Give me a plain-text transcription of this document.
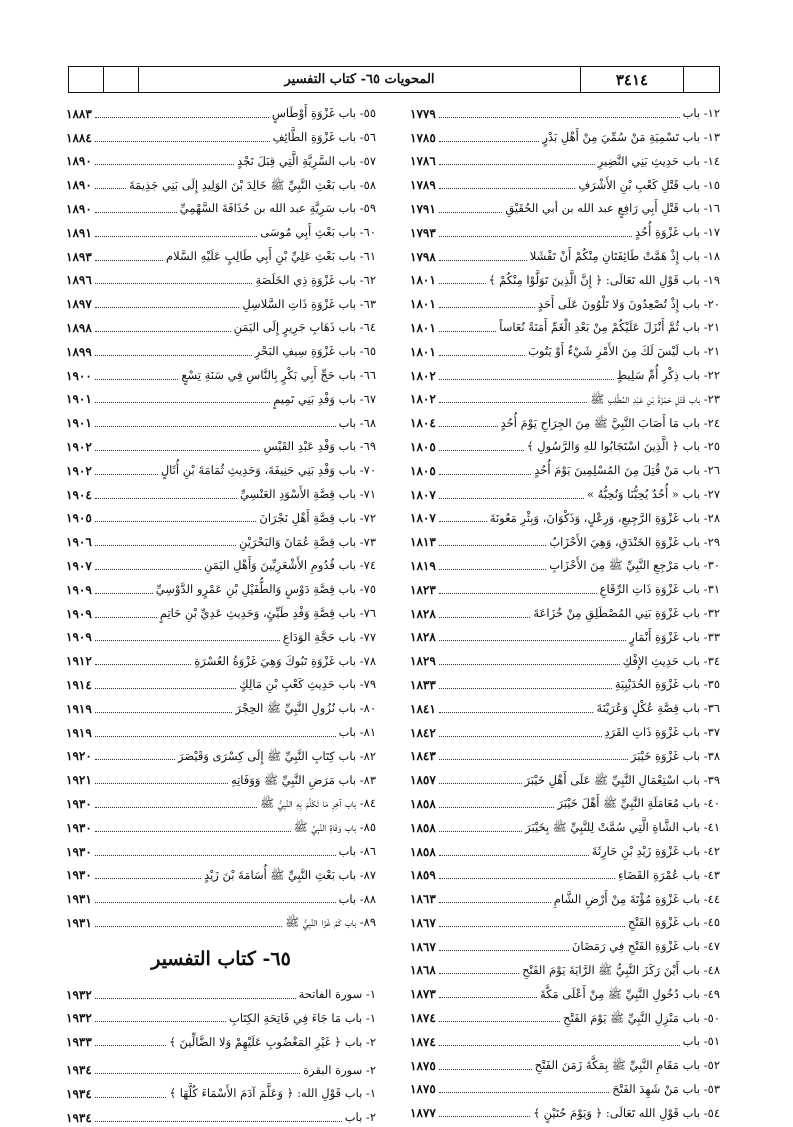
المحويات ٦٥- كتاب التفسير	٣٤١٤
١٢- باب
١٧٧٩
١٣- باب تَسْمِيَةِ مَنْ سُمِّيَ مِنْ أَهْلِ بَدْرٍ
١٧٨٥
١٤- باب حَدِيثِ بَنِي النَّضِيرِ
١٧٨٦
١٥- باب قَتْلِ كَعْبِ بْنِ الأَشْرَفِ
١٧٨٩
١٦- باب قَتْلِ أَبِي رَافِعٍ عبد الله بن أبي الحُقَيْقِ
١٧٩١
١٧- باب غَزْوَةِ أُحُدٍ
١٧٩٣
١٨- باب إِذْ هَمَّتْ طَائِفَتَانِ مِنْكُمْ أَنْ تَفْشَلا
١٧٩٨
١٩- باب قَوْلِ الله تَعَالَى: ﴿ إِنَّ الَّذِينَ تَوَلَّوْا مِنْكُمْ ﴾
١٨٠١
٢٠- باب إِذْ تُصْعِدُونَ وَلا تَلْوُونَ عَلَى أَحَدٍ
١٨٠١
٢١- باب ثُمَّ أَنْزَلَ عَلَيْكُمْ مِنْ بَعْدِ الْغَمِّ أَمَنَةً نُعَاساً
١٨٠١
٢١- باب لَيْسَ لَكَ مِنَ الأَمْرِ شَيْءٌ أَوْ يَتُوبَ
١٨٠١
٢٢- باب ذِكْرِ أُمِّ سَلِيطٍ
١٨٠٢
٢٣- باب قَتْلِ حَمْزَةَ بْنِ عَبْدِ المُطَّلِبِ ﷺ
١٨٠٢
٢٤- باب مَا أَصَابَ النَّبِيَّ ﷺ مِنَ الجِرَاحِ يَوْمَ أُحُدٍ
١٨٠٤
٢٥- باب ﴿ الَّذِينَ اسْتَجَابُوا للهِ وَالرَّسُولِ ﴾
١٨٠٥
٢٦- باب مَنْ قُتِلَ مِنَ المُسْلِمِينَ يَوْمَ أُحُدٍ
١٨٠٥
٢٧- باب « أُحُدٌ يُحِبُّنَا وَنُحِبُّهُ »
١٨٠٧
٢٨- باب غَزْوَةِ الرَّجِيعِ، وَرِعْلٍ، وَذَكْوَانَ، وَبِئْرِ مَعُونَةَ
١٨٠٧
٢٩- باب غَزْوَةِ الخَنْدَقِ، وَهِيَ الأَحْزَابُ
١٨١٣
٣٠- باب مَرْجِعِ النَّبِيِّ ﷺ مِنَ الأَحْزَابِ
١٨١٩
٣١- باب غَزْوَةِ ذَاتِ الرِّقَاعِ
١٨٢٣
٣٢- باب غَزْوَةِ بَنِي المُصْطَلِقِ مِنْ خُزَاعَةَ
١٨٢٨
٣٣- باب غَزْوَةِ أَنْمَارٍ
١٨٢٨
٣٤- باب حَدِيثِ الإِفْكِ
١٨٢٩
٣٥- باب غَزْوَةِ الحُدَيْبِيَةِ
١٨٣٣
٣٦- باب قِصَّةِ عُكْلٍ وَعُرَيْنَةَ
١٨٤١
٣٧- باب غَزْوَةِ ذَاتِ القَرَدِ
١٨٤٢
٣٨- باب غَزْوَةِ خَيْبَرَ
١٨٤٣
٣٩- باب اسْتِعْمَالِ النَّبِيِّ ﷺ عَلَى أَهْلِ خَيْبَرَ
١٨٥٧
٤٠- باب مُعَامَلَةِ النَّبِيِّ ﷺ أَهْلَ خَيْبَرَ
١٨٥٨
٤١- باب الشَّاةِ الَّتِي سُمَّتْ لِلنَّبِيِّ ﷺ بِخَيْبَرَ
١٨٥٨
٤٢- باب غَزْوَةِ زَيْدِ بْنِ حَارِثَةَ
١٨٥٨
٤٣- باب عُمْرَةِ القَضَاءِ
١٨٥٩
٤٤- باب غَزْوَةِ مُؤْتَةَ مِنْ أَرْضِ الشَّامِ
١٨٦٣
٤٥- باب غَزْوَةِ الفَتْحِ
١٨٦٧
٤٧- باب غَزْوَةِ الفَتْحِ فِي رَمَضَانَ
١٨٦٧
٤٨- باب أَيْنَ رَكَزَ النَّبِيُّ ﷺ الرَّايَةَ يَوْمَ الفَتْحِ
١٨٦٨
٤٩- باب دُخُولِ النَّبِيِّ ﷺ مِنْ أَعْلَى مَكَّةَ
١٨٧٣
٥٠- باب مَنْزِلِ النَّبِيِّ ﷺ يَوْمَ الفَتْحِ
١٨٧٤
٥١- باب
١٨٧٤
٥٢- باب مَقَامِ النَّبِيِّ ﷺ بِمَكَّةَ زَمَنَ الفَتْحِ
١٨٧٥
٥٣- باب مَنْ شَهِدَ الفَتْحَ
١٨٧٥
٥٤- باب قَوْلِ الله تَعَالَى: ﴿ وَيَوْمَ حُنَيْنٍ ﴾
١٨٧٧
٥٥- باب غَزْوَةِ أَوْطَاسٍ
١٨٨٣
٥٦- باب غَزْوَةِ الطَّائِفِ
١٨٨٤
٥٧- باب السَّرِيَّةِ الَّتِي قِبَلَ نَجْدٍ
١٨٩٠
٥٨- باب بَعْثِ النَّبِيِّ ﷺ خَالِدَ بْنَ الوَلِيدِ إِلَى بَنِي جَذِيمَةَ
١٨٩٠
٥٩- باب سَرِيَّةِ عبد الله بن حُذَافَةَ السَّهْمِيِّ
١٨٩٠
٦٠- باب بَعْثِ أَبِي مُوسَى
١٨٩١
٦١- باب بَعْثِ عَلِيِّ بْنِ أَبِي طَالِبٍ عَلَيْهِ السَّلام
١٨٩٣
٦٢- باب غَزْوَةِ ذِي الخَلَصَةِ
١٨٩٦
٦٣- باب غَزْوَةِ ذَاتِ السَّلاسِلِ
١٨٩٧
٦٤- باب ذَهَابِ جَرِيرٍ إِلَى اليَمَنِ
١٨٩٨
٦٥- باب غَزْوَةِ سِيفِ البَحْرِ
١٨٩٩
٦٦- باب حَجِّ أَبِي بَكْرٍ بِالنَّاسِ فِي سَنَةِ تِسْعٍ
١٩٠٠
٦٧- باب وَفْدِ بَنِي تَمِيمٍ
١٩٠١
٦٨- باب
١٩٠١
٦٩- باب وَفْدِ عَبْدِ القَيْسِ
١٩٠٢
٧٠- باب وَفْدِ بَنِي حَنِيفَةَ، وَحَدِيثِ ثُمَامَةَ بْنِ أُثَالٍ
١٩٠٢
٧١- باب قِصَّةِ الأَسْوَدِ العَنْسِيِّ
١٩٠٤
٧٢- باب قِصَّةِ أَهْلِ نَجْرَانَ
١٩٠٥
٧٣- باب قِصَّةِ عُمَانَ وَالبَحْرَيْنِ
١٩٠٦
٧٤- باب قُدُومِ الأَشْعَرِيِّينَ وَأَهْلِ اليَمَنِ
١٩٠٧
٧٥- باب قِصَّةِ دَوْسٍ وَالطُّفَيْلِ بْنِ عَمْرٍو الدَّوْسِيِّ
١٩٠٩
٧٦- باب قِصَّةِ وَفْدِ طَيِّئٍ، وَحَدِيثِ عَدِيِّ بْنِ حَاتِمٍ
١٩٠٩
٧٧- باب حَجَّةِ الوَدَاعِ
١٩٠٩
٧٨- باب غَزْوَةِ تَبُوكَ وَهِيَ غَزْوَةُ العُسْرَةِ
١٩١٢
٧٩- باب حَدِيثِ كَعْبِ بْنِ مَالِكٍ
١٩١٤
٨٠- باب نُزُولِ النَّبِيِّ ﷺ الحِجْرَ
١٩١٩
٨١- باب
١٩١٩
٨٢- باب كِتَابِ النَّبِيِّ ﷺ إِلَى كِسْرَى وَقَيْصَرَ
١٩٢٠
٨٣- باب مَرَضِ النَّبِيِّ ﷺ وَوَفَاتِهِ
١٩٢١
٨٤- باب آخِرِ مَا تَكَلَّمَ بِهِ النَّبِيُّ ﷺ
١٩٣٠
٨٥- باب وَفَاةِ النَّبِيِّ ﷺ
١٩٣٠
٨٦- باب
١٩٣٠
٨٧- باب بَعْثِ النَّبِيِّ ﷺ أُسَامَةَ بْنَ زَيْدٍ
١٩٣٠
٨٨- باب
١٩٣١
٨٩- باب كَمْ غَزَا النَّبِيُّ ﷺ
١٩٣١
٦٥- كتاب التفسير
١- سورة الفاتحة
١٩٣٢
١- باب مَا جَاءَ فِي فَاتِحَةِ الكِتَابِ
١٩٣٢
٢- باب ﴿ غَيْرِ المَغْضُوبِ عَلَيْهِمْ وَلا الضَّالِّينَ ﴾
١٩٣٣
٢- سورة البقرة
١٩٣٤
١- باب قَوْلِ الله: ﴿ وَعَلَّمَ آدَمَ الأَسْمَاءَ كُلَّهَا ﴾
١٩٣٤
٢- باب
١٩٣٤
